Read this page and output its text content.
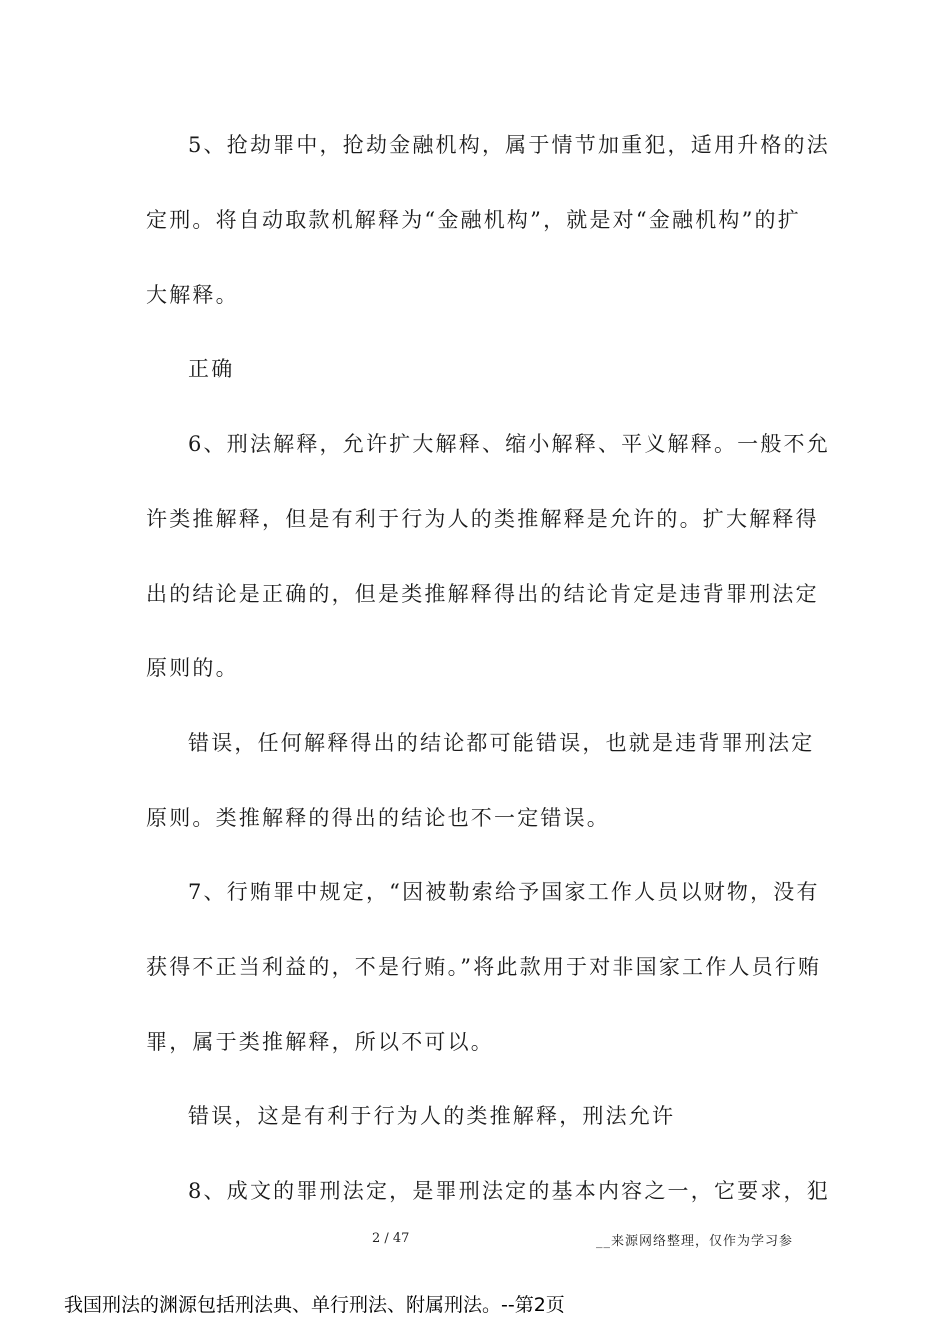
5、抢劫罪中，抢劫金融机构，属于情节加重犯，适用升格的法
定刑。将自动取款机解释为“金融机构”，就是对“金融机构”的扩
大解释。
正确
6、刑法解释，允许扩大解释、缩小解释、平义解释。一般不允
许类推解释，但是有利于行为人的类推解释是允许的。扩大解释得
出的结论是正确的，但是类推解释得出的结论肯定是违背罪刑法定
原则的。
错误，任何解释得出的结论都可能错误，也就是违背罪刑法定
原则。类推解释的得出的结论也不一定错误。
7、行贿罪中规定，“因被勒索给予国家工作人员以财物，没有
获得不正当利益的，不是行贿。”将此款用于对非国家工作人员行贿
罪，属于类推解释，所以不可以。
错误，这是有利于行为人的类推解释，刑法允许
8、成文的罪刑法定，是罪刑法定的基本内容之一，它要求，犯
2 / 47	__来源网络整理，仅作为学习参
我国刑法的渊源包括刑法典、单行刑法、附属刑法。--第2页
